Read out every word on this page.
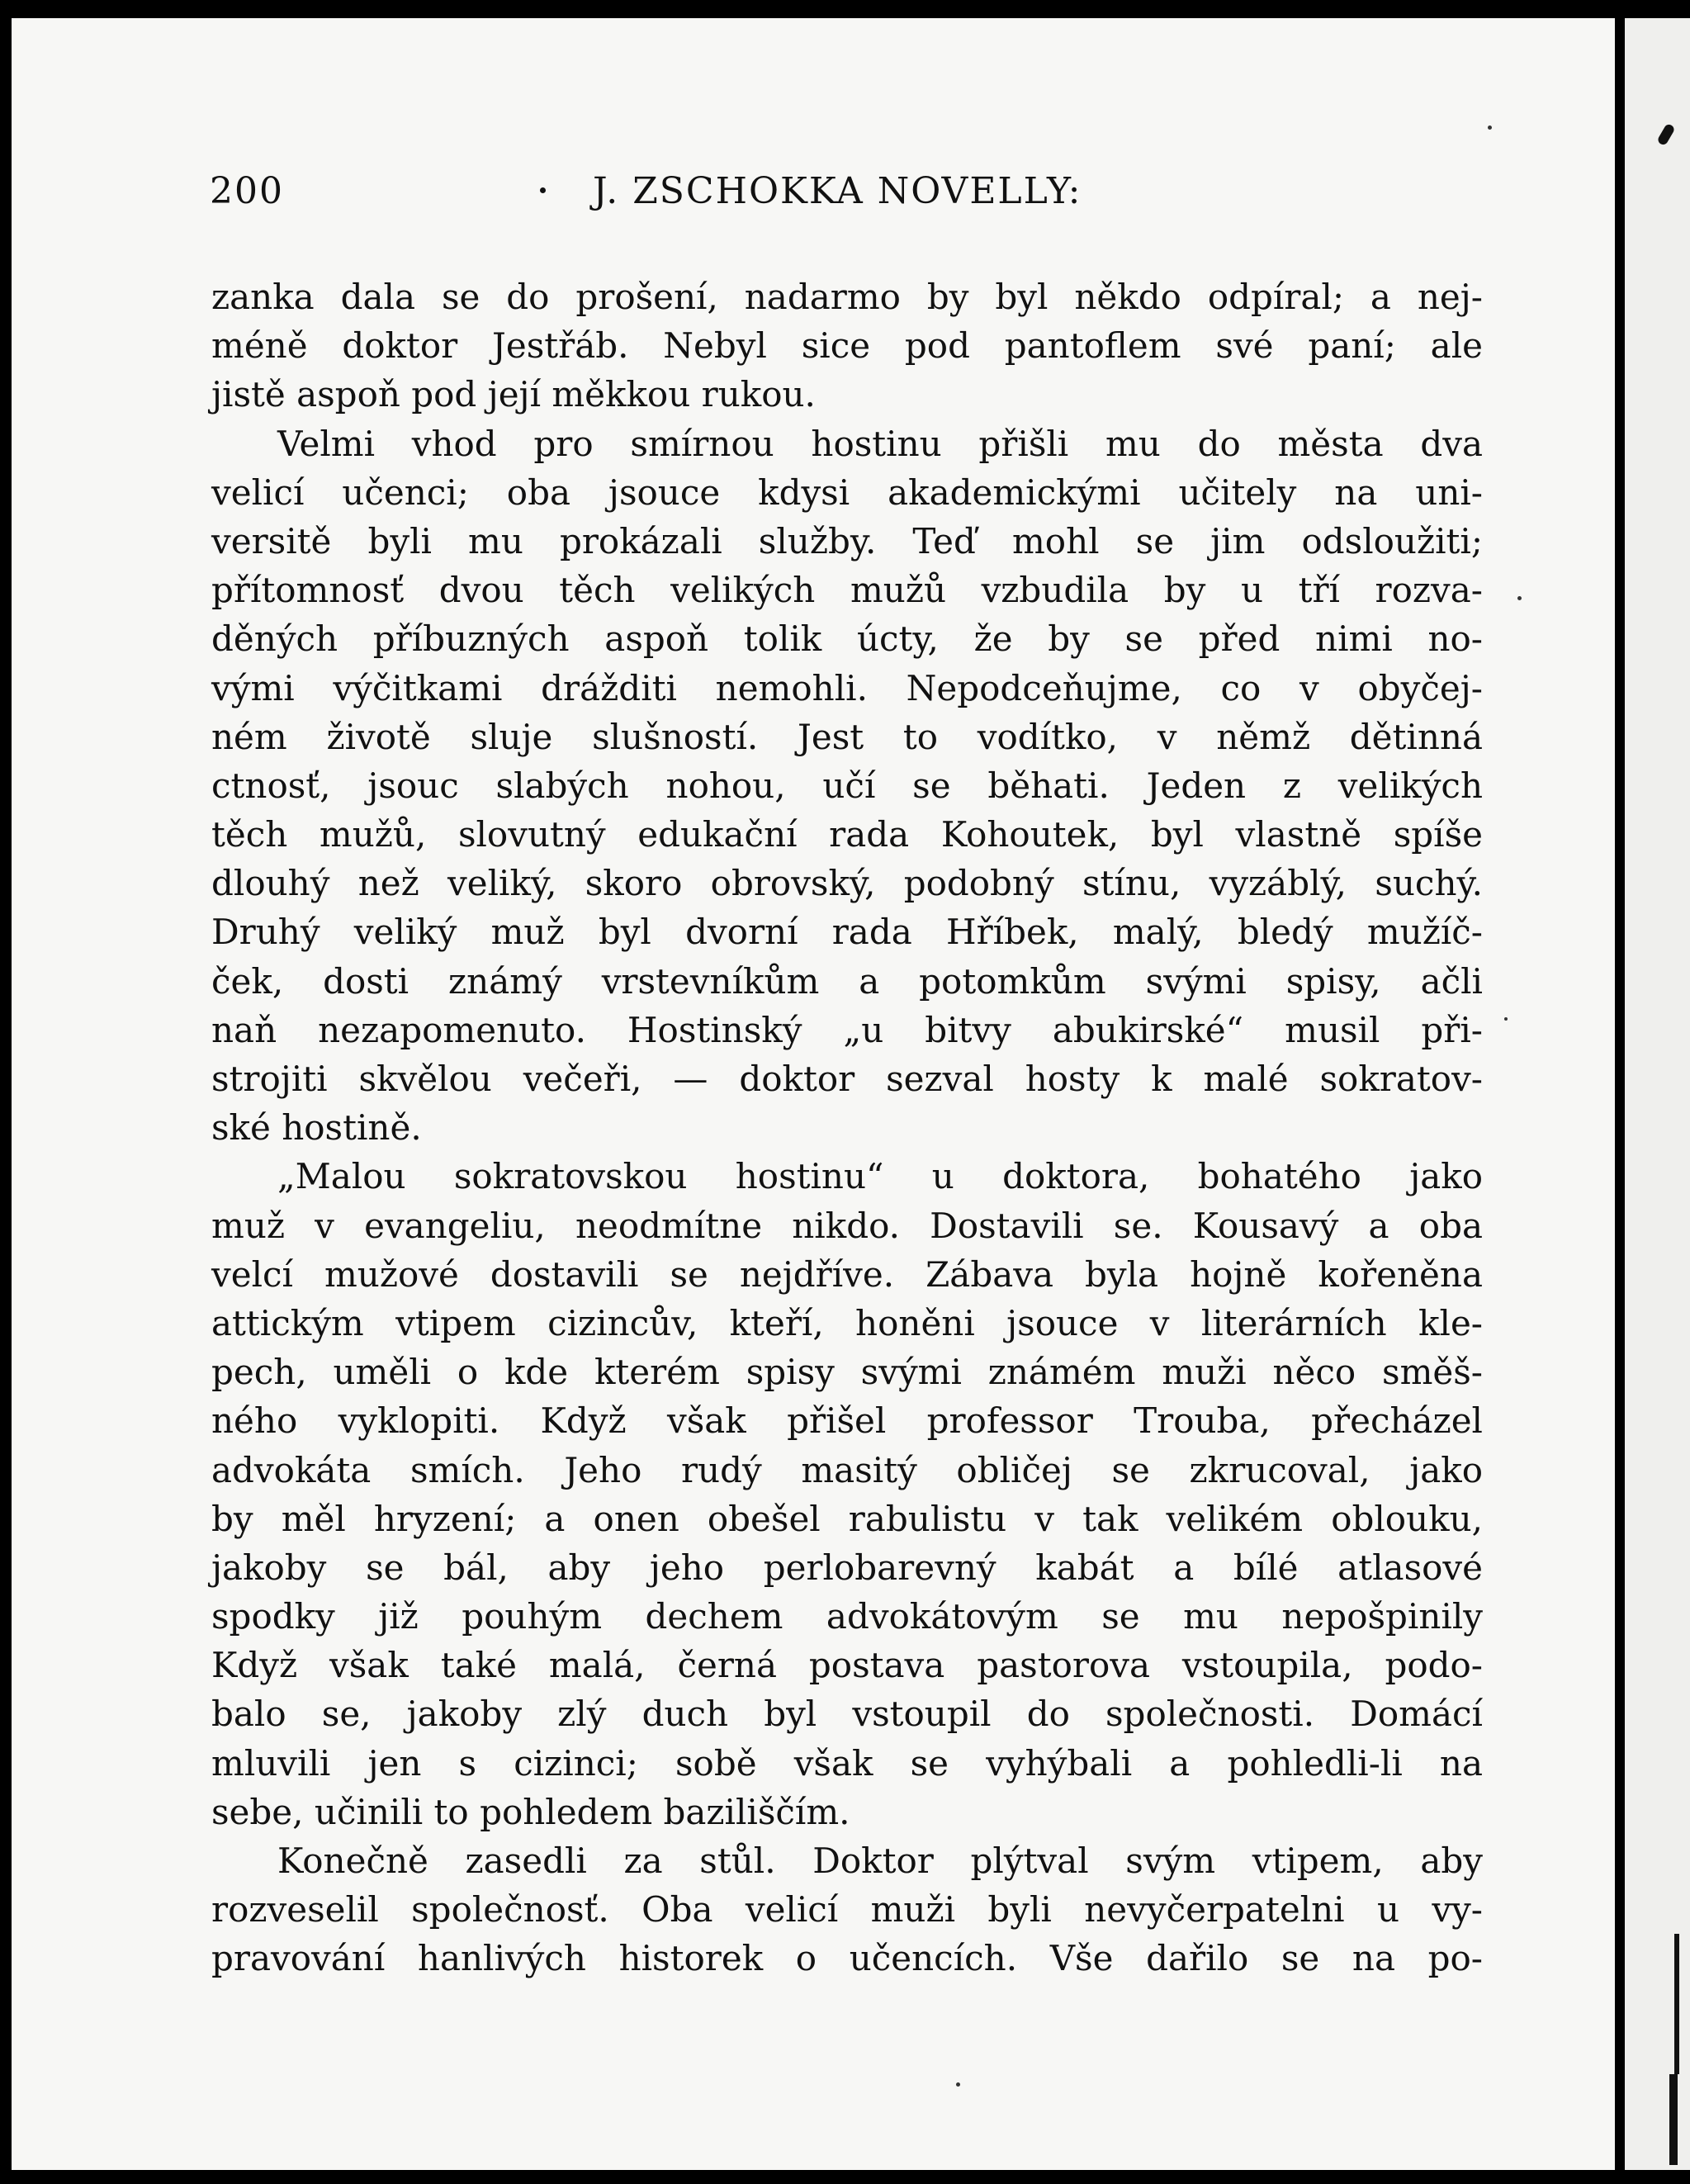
200	J. ZSCHOKKA NOVELLY:
zanka dala se do prošení, nadarmo by byl někdo odpíral; a nej-
méně doktor Jestřáb. Nebyl sice pod pantoflem své paní; ale
jistě aspoň pod její měkkou rukou.
Velmi vhod pro smírnou hostinu přišli mu do města dva
velicí učenci; oba jsouce kdysi akademickými učitely na uni-
versitě byli mu prokázali služby. Teď mohl se jim odsloužiti;
přítomnosť dvou těch velikých mužů vzbudila by u tří rozva-
děných příbuzných aspoň tolik úcty, že by se před nimi no-
vými výčitkami drážditi nemohli. Nepodceňujme, co v obyčej-
ném životě sluje slušností. Jest to vodítko, v němž dětinná
ctnosť, jsouc slabých nohou, učí se běhati. Jeden z velikých
těch mužů, slovutný edukační rada Kohoutek, byl vlastně spíše
dlouhý než veliký, skoro obrovský, podobný stínu, vyzáblý, suchý.
Druhý veliký muž byl dvorní rada Hříbek, malý, bledý mužíč-
ček, dosti známý vrstevníkům a potomkům svými spisy, ačli
naň nezapomenuto. Hostinský „u bitvy abukirské“ musil při-
strojiti skvělou večeři, — doktor sezval hosty k malé sokratov-
ské hostině.
„Malou sokratovskou hostinu“ u doktora, bohatého jako
muž v evangeliu, neodmítne nikdo. Dostavili se. Kousavý a oba
velcí mužové dostavili se nejdříve. Zábava byla hojně kořeněna
attickým vtipem cizincův, kteří, honěni jsouce v literárních kle-
pech, uměli o kde kterém spisy svými známém muži něco směš-
ného vyklopiti. Když však přišel professor Trouba, přecházel
advokáta smích. Jeho rudý masitý obličej se zkrucoval, jako
by měl hryzení; a onen obešel rabulistu v tak velikém oblouku,
jakoby se bál, aby jeho perlobarevný kabát a bílé atlasové
spodky již pouhým dechem advokátovým se mu nepošpinily
Když však také malá, černá postava pastorova vstoupila, podo-
balo se, jakoby zlý duch byl vstoupil do společnosti. Domácí
mluvili jen s cizinci; sobě však se vyhýbali a pohledli-li na
sebe, učinili to pohledem baziliščím.
Konečně zasedli za stůl. Doktor plýtval svým vtipem, aby
rozveselil společnosť. Oba velicí muži byli nevyčerpatelni u vy-
pravování hanlivých historek o učencích. Vše dařilo se na po-
